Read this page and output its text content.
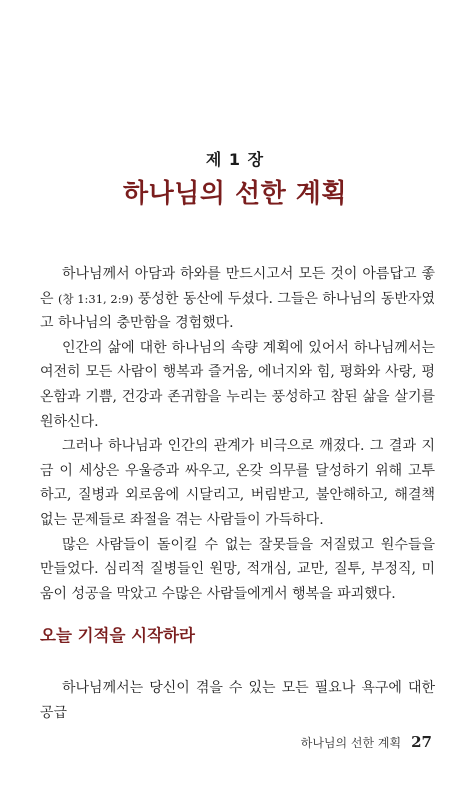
제 1 장
하나님의 선한 계획

하나님께서 아담과 하와를 만드시고서 모든 것이 아름답고 좋은 (창 1:31, 2:9) 풍성한 동산에 두셨다. 그들은 하나님의 동반자였고 하나님의 충만함을 경험했다.

인간의 삶에 대한 하나님의 속량 계획에 있어서 하나님께서는 여전히 모든 사람이 행복과 즐거움, 에너지와 힘, 평화와 사랑, 평온함과 기쁨, 건강과 존귀함을 누리는 풍성하고 참된 삶을 살기를 원하신다.

그러나 하나님과 인간의 관계가 비극으로 깨졌다. 그 결과 지금 이 세상은 우울증과 싸우고, 온갖 의무를 달성하기 위해 고투하고, 질병과 외로움에 시달리고, 버림받고, 불안해하고, 해결책 없는 문제들로 좌절을 겪는 사람들이 가득하다.

많은 사람들이 돌이킬 수 없는 잘못들을 저질렀고 원수들을 만들었다. 심리적 질병들인 원망, 적개심, 교만, 질투, 부정직, 미움이 성공을 막았고 수많은 사람들에게서 행복을 파괴했다.

오늘 기적을 시작하라

하나님께서는 당신이 겪을 수 있는 모든 필요나 욕구에 대한 공급

하나님의 선한 계획 27
